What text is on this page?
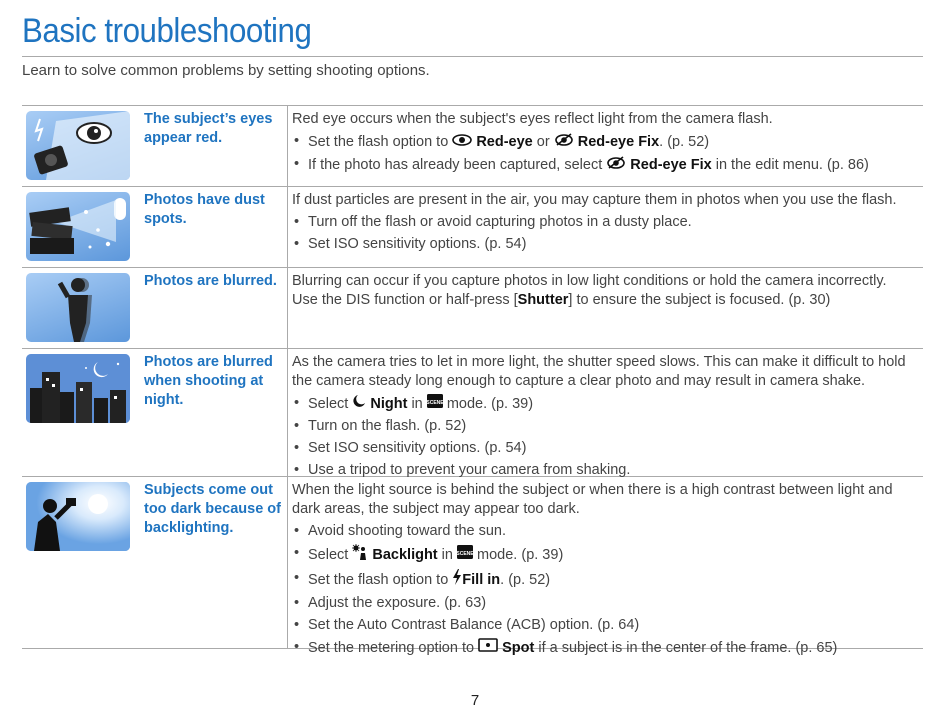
Basic troubleshooting
Learn to solve common problems by setting shooting options.
The subject’s eyes appear red.

Red eye occurs when the subject's eyes reflect light from the camera flash.

• Set the flash option to Red-eye or Red-eye Fix. (p. 52)
• If the photo has already been captured, select Red-eye Fix in the edit menu. (p. 86)
Photos have dust spots.

If dust particles are present in the air, you may capture them in photos when you use the flash.

• Turn off the flash or avoid capturing photos in a dusty place.
• Set ISO sensitivity options. (p. 54)
Photos are blurred.	Blurring can occur if you capture photos in low light conditions or hold the camera incorrectly.

Use the DIS function or half-press [Shutter] to ensure the subject is focused. (p. 30)

Photos are blurred when shooting at night.

As the camera tries to let in more light, the shutter speed slows. This can make it difficult to hold the camera steady long enough to capture a clear photo and may result in camera shake.

• Select Night in SCENE mode. (p. 39)
• Turn on the flash. (p. 52)
• Set ISO sensitivity options. (p. 54)
• Use a tripod to prevent your camera from shaking.
Subjects come out too dark because of backlighting.

When the light source is behind the subject or when there is a high contrast between light and dark areas, the subject may appear too dark.

• Avoid shooting toward the sun.
• Select Backlight in SCENE mode. (p. 39)
• Set the flash option to Fill in. (p. 52)
• Adjust the exposure. (p. 63)
• Set the Auto Contrast Balance (ACB) option. (p. 64)
• Set the metering option to Spot if a subject is in the center of the frame. (p. 65)
7
